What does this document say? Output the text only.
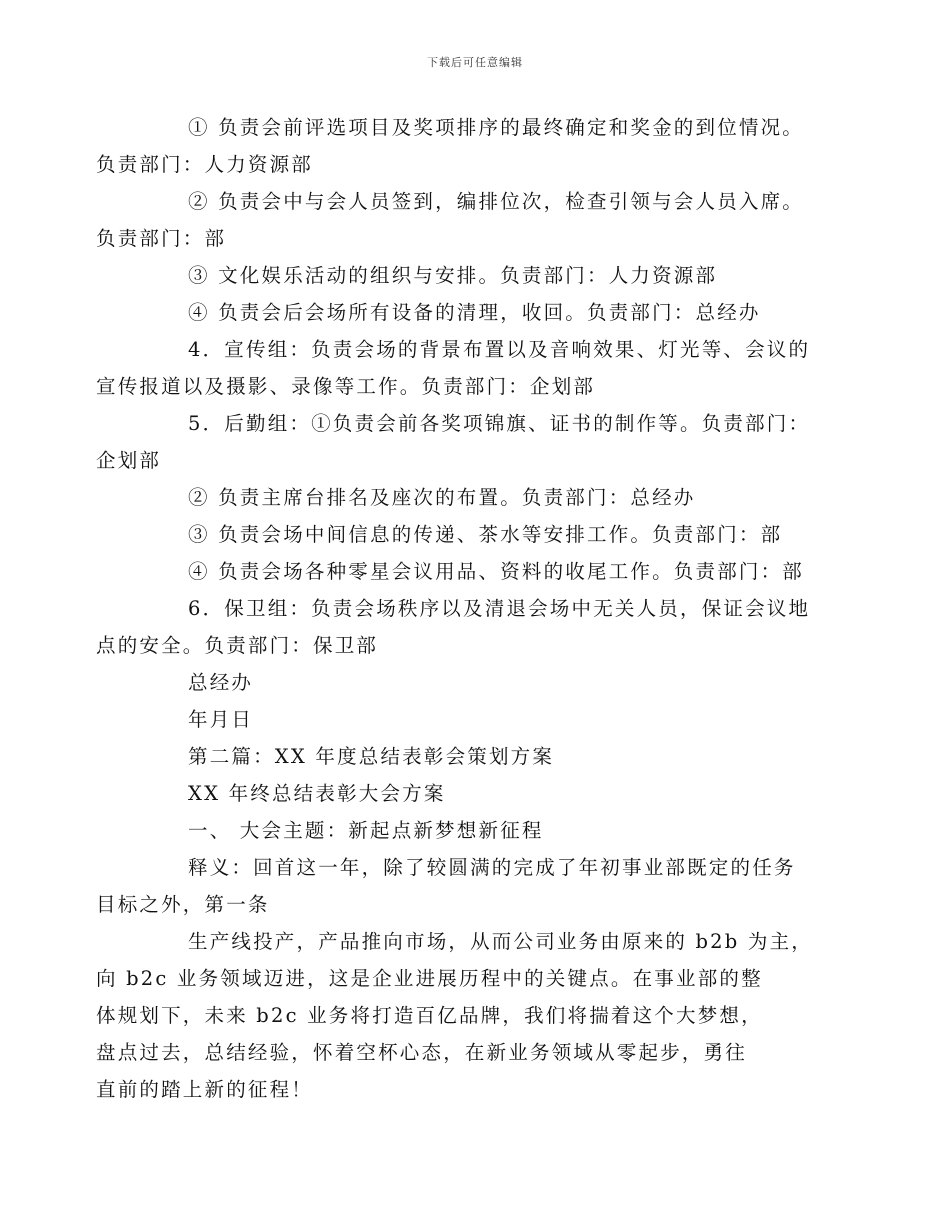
下载后可任意编辑

① 负责会前评选项目及奖项排序的最终确定和奖金的到位情况。
负责部门：人力资源部

② 负责会中与会人员签到，编排位次，检查引领与会人员入席。
负责部门：部

③ 文化娱乐活动的组织与安排。负责部门：人力资源部

④ 负责会后会场所有设备的清理，收回。负责部门：总经办

4．宣传组：负责会场的背景布置以及音响效果、灯光等、会议的
宣传报道以及摄影、录像等工作。负责部门：企划部

5．后勤组：①负责会前各奖项锦旗、证书的制作等。负责部门：
企划部

② 负责主席台排名及座次的布置。负责部门：总经办

③ 负责会场中间信息的传递、茶水等安排工作。负责部门：部

④ 负责会场各种零星会议用品、资料的收尾工作。负责部门：部

6．保卫组：负责会场秩序以及清退会场中无关人员，保证会议地
点的安全。负责部门：保卫部

总经办

年月日

第二篇：XX 年度总结表彰会策划方案

XX 年终总结表彰大会方案

一、 大会主题：新起点新梦想新征程

释义：回首这一年，除了较圆满的完成了年初事业部既定的任务
目标之外，第一条

生产线投产，产品推向市场，从而公司业务由原来的 b2b 为主，
向 b2c 业务领域迈进，这是企业进展历程中的关键点。在事业部的整
体规划下，未来 b2c 业务将打造百亿品牌，我们将揣着这个大梦想，
盘点过去，总结经验，怀着空杯心态，在新业务领域从零起步，勇往
直前的踏上新的征程！
